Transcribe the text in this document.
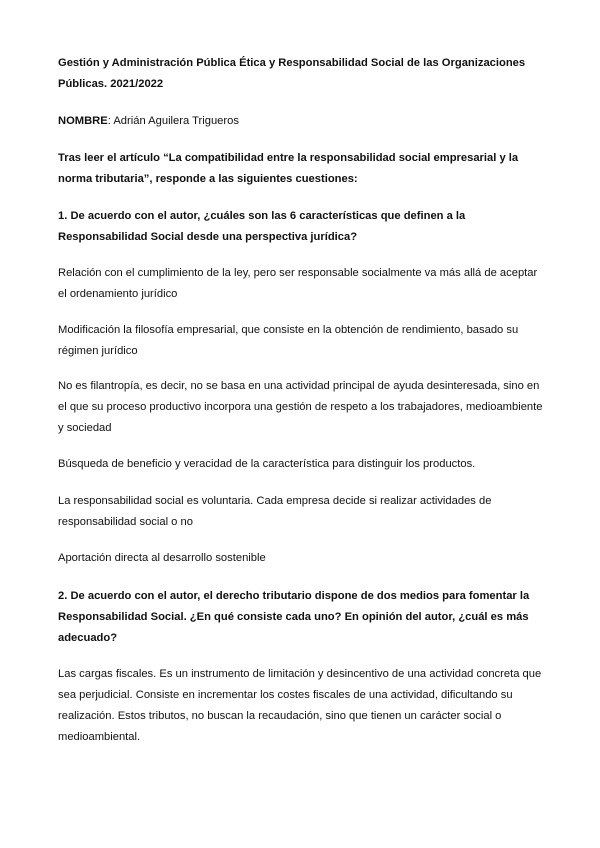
Gestión y Administración Pública Ética y Responsabilidad Social de las Organizaciones Públicas. 2021/2022

NOMBRE: Adrián Aguilera Trigueros

Tras leer el artículo “La compatibilidad entre la responsabilidad social empresarial y la norma tributaria”, responde a las siguientes cuestiones:

1. De acuerdo con el autor, ¿cuáles son las 6 características que definen a la Responsabilidad Social desde una perspectiva jurídica?

Relación con el cumplimiento de la ley, pero ser responsable socialmente va más allá de aceptar el ordenamiento jurídico

Modificación la filosofía empresarial, que consiste en la obtención de rendimiento, basado su régimen jurídico

No es filantropía, es decir, no se basa en una actividad principal de ayuda desinteresada, sino en el que su proceso productivo incorpora una gestión de respeto a los trabajadores, medioambiente y sociedad

Búsqueda de beneficio y veracidad de la característica para distinguir los productos.

La responsabilidad social es voluntaria. Cada empresa decide si realizar actividades de responsabilidad social o no

Aportación directa al desarrollo sostenible

2. De acuerdo con el autor, el derecho tributario dispone de dos medios para fomentar la Responsabilidad Social. ¿En qué consiste cada uno? En opinión del autor, ¿cuál es más adecuado?

Las cargas fiscales. Es un instrumento de limitación y desincentivo de una actividad concreta que sea perjudicial. Consiste en incrementar los costes fiscales de una actividad, dificultando su realización. Estos tributos, no buscan la recaudación, sino que tienen un carácter social o medioambiental.
